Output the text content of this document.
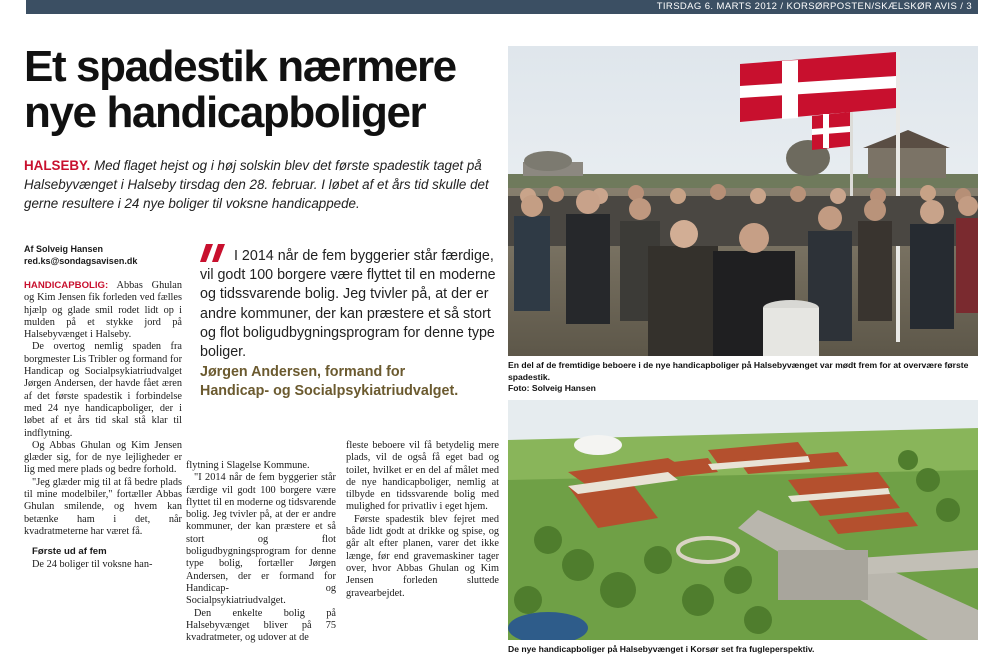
TIRSDAG 6. MARTS 2012 / KORSØRPOSTEN/SKÆLSKØR AVIS / 3
Et spadestik nærmere
nye handicapboliger

HALSEBY. Med flaget hejst og i høj solskin blev det første spadestik taget på Halsebyvænget i Halseby tirsdag den 28. februar. I løbet af et års tid skulle det gerne resultere i 24 nye boliger til voksne handicappede.

Af Solveig Hansen
red.ks@sondagsavisen.dk

HANDICAPBOLIG: Abbas Ghulan og Kim Jensen fik forleden ved fælles hjælp og glade smil rodet lidt op i mulden på et stykke jord på Halsebyvænget i Halseby.

De overtog nemlig spaden fra borgmester Lis Tribler og formand for Handicap og Socialpsykiatriudvalget Jørgen Andersen, der havde fået æren af det første spadestik i forbindelse med 24 nye handicapboliger, der i løbet af et års tid skal stå klar til indflytning.

Og Abbas Ghulan og Kim Jensen glæder sig, for de nye lejligheder er lig med mere plads og bedre forhold.

"Jeg glæder mig til at få bedre plads til mine modelbiler," fortæller Abbas Ghulan smilende, og hvem kan betænke ham i det, når kvadratmeterne har været få.

Første ud af fem

De 24 boliger til voksne han-

I 2014 når de fem byggerier står færdige, vil godt 100 borgere være flyttet til en moderne og tidssvarende bolig. Jeg tvivler på, at der er andre kommuner, der kan præstere et så stort og flot boligudbygningsprogram for denne type boliger.
Jørgen Andersen, formand for
Handicap- og Socialpsykiatriudvalget.

flytning i Slagelse Kommune.

"I 2014 når de fem byggerier står færdige vil godt 100 borgere være flyttet til en moderne og tidsvarende bolig. Jeg tvivler på, at der er andre kommuner, der kan præstere et så stort og flot boligudbygningsprogram for denne type bolig, fortæller Jørgen Andersen, der er formand for Handicap- og Socialpsykiatriudvalget.

Den enkelte bolig på Halsebyvænget bliver på 75 kvadratmeter, og udover at de

fleste beboere vil få betydelig mere plads, vil de også få eget bad og toilet, hvilket er en del af målet med de nye handicapboliger, nemlig at tilbyde en tidssvarende bolig med mulighed for privatliv i eget hjem.

Første spadestik blev fejret med både lidt godt at drikke og spise, og går alt efter planen, varer det ikke længe, før end gravemaskiner tager over, hvor Abbas Ghulan og Kim Jensen forleden sluttede gravearbejdet.

En del af de fremtidige beboere i de nye handicapboliger på Halsebyvænget var mødt frem for at overvære første spadestik.
Foto: Solveig Hansen
De nye handicapboliger på Halsebyvænget i Korsør set fra fugleperspektiv.
